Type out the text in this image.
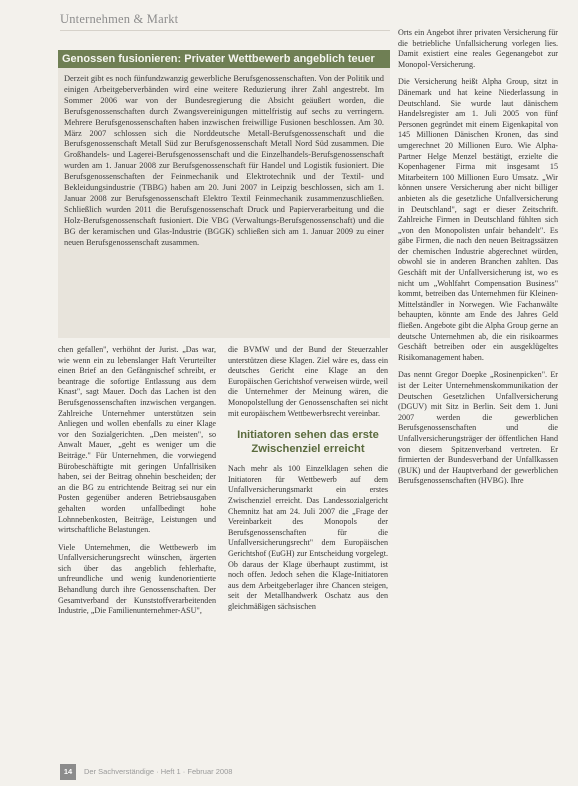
Unternehmen & Markt
Genossen fusionieren: Privater Wettbewerb angeblich teuer
Derzeit gibt es noch fünfundzwanzig gewerbliche Berufsgenossenschaften. Von der Politik und einigen Arbeitgeberverbänden wird eine weitere Reduzierung ihrer Zahl angestrebt. Im Sommer 2006 war von der Bundesregierung die Absicht geäußert worden, die Berufsgenossenschaften durch Zwangsvereinigungen mittelfristig auf sechs zu verringern. Mehrere Berufsgenossenschaften haben inzwischen freiwillige Fusionen beschlossen. Am 30. März 2007 schlossen sich die Norddeutsche Metall-Berufsgenossenschaft und die Berufsgenossenschaft Metall Süd zur Berufsgenossenschaft Metall Nord Süd zusammen. Die Großhandels- und Lagerei-Berufsgenossenschaft und die Einzelhandels-Berufsgenossenschaft wurden am 1. Januar 2008 zur Berufsgenossenschaft für Handel und Logistik fusioniert. Die Berufsgenossenschaften der Feinmechanik und Elektrotechnik und der Textil- und Bekleidungsindustrie (TBBG) haben am 20. Juni 2007 in Leipzig beschlossen, sich am 1. Januar 2008 zur Berufsgenossenschaft Elektro Textil Feinmechanik zusammenzuschließen. Schließlich wurden 2011 die Berufsgenossenschaft Druck und Papierverarbeitung und die Holz-Berufsgenossenschaft fusioniert. Die VBG (Verwaltungs-Berufsgenossenschaft) und die BG der keramischen und Glas-Industrie (BGGK) schließen sich am 1. Januar 2009 zu einer neuen Berufsgenossenschaft zusammen.

chen gefallen", verhöhnt der Jurist. „Das war, wie wenn ein zu lebenslanger Haft Verurteilter einen Brief an den Gefängnischef schreibt, er beantrage die sofortige Entlassung aus dem Knast", sagt Mauer. Doch das Lachen ist den Berufsgenossenschaften inzwischen vergangen. Zahlreiche Unternehmer unterstützen sein Anliegen und wollen ebenfalls zu einer Klage vor den Sozialgerichten. „Den meisten", so Anwalt Mauer, „geht es weniger um die Beiträge." Für Unternehmen, die vorwiegend Bürobeschäftigte mit geringen Unfallrisiken haben, sei der Beitrag ohnehin bescheiden; der an die BG zu entrichtende Beitrag sei nur ein Posten gegenüber anderen Betriebsausgaben gehalten worden unfallbedingt hohe Lohnnebenkosten, Beiträge, Leistungen und wirtschaftliche Belastungen.

Viele Unternehmen, die Wettbewerb im Unfallversicherungsrecht wünschen, ärgerten sich über das angeblich fehlerhafte, unfreundliche und wenig kundenorientierte Behandlung durch ihre Genossenschaften. Der Gesamtverband der Kunststoffverarbeitenden Industrie, „Die Familienunternehmer-ASU",

die BVMW und der Bund der Steuerzahler unterstützen diese Klagen. Ziel wäre es, dass ein deutsches Gericht eine Klage an den Europäischen Gerichtshof verweisen würde, weil die Unternehmer der Meinung wären, die Monopolstellung der Genossenschaften sei nicht mit europäischem Wettbewerbsrecht vereinbar.

Initiatoren sehen das erste Zwischenziel erreicht

Nach mehr als 100 Einzelklagen sehen die Initiatoren für Wettbewerb auf dem Unfallversicherungsmarkt ein erstes Zwischenziel erreicht. Das Landessozialgericht Chemnitz hat am 24. Juli 2007 die „Frage der Vereinbarkeit des Monopols der Berufsgenossenschaften für die Unfallversicherungsrecht" dem Europäischen Gerichtshof (EuGH) zur Entscheidung vorgelegt. Ob daraus der Klage überhaupt zustimmt, ist noch offen. Jedoch sehen die Klage-Initiatoren aus dem Arbeitgeberlager ihre Chancen steigen, seit der Metallhandwerk Oschatz aus den gleichmäßigen sächsischen

Orts ein Angebot ihrer privaten Versicherung für die betriebliche Unfallsicherung vorlegen lies. Damit existiert eine reales Gegenangebot zur Monopol-Versicherung.

Die Versicherung heißt Alpha Group, sitzt in Dänemark und hat keine Niederlassung in Deutschland. Sie wurde laut dänischem Handelsregister am 1. Juli 2005 von fünf Personen gegründet mit einem Eigenkapital von 145 Millionen Dänischen Kronen, das sind umgerechnet 20 Millionen Euro. Wie Alpha-Partner Helge Menzel bestätigt, erzielte die Kopenhagener Firma mit insgesamt 15 Mitarbeitern 100 Millionen Euro Umsatz. „Wir können unsere Versicherung aber nicht billiger anbieten als die gesetzliche Unfallversicherung in Deutschland", sagt er dieser Zeitschrift. Zahlreiche Firmen in Deutschland fühlten sich „von den Monopolisten unfair behandelt". Es gäbe Firmen, die nach den neuen Beitragssätzen der chemischen Industrie abgerechnet würden, obwohl sie in anderen Branchen zahlten. Das Geschäft mit der Unfallversicherung ist, wo es nicht um „Wohlfahrt Compensation Business" kommt, betreiben das Unternehmen für Kleinen-Mittelständler in Norwegen. Wie Fachanwälte behaupten, könnte am Ende des Jahres Geld fließen. Angebote gibt die Alpha Group gerne an deutsche Unternehmen ab, die ein risikoarmes Geschäft betreiben oder ein ausgeklügeltes Risikomanagement haben.

Das nennt Gregor Doepke „Rosinenpicken". Er ist der Leiter Unternehmenskommunikation der Deutschen Gesetzlichen Unfallversicherung (DGUV) mit Sitz in Berlin. Seit dem 1. Juni 2007 werden die gewerblichen Berufsgenossenschaften und die Unfallversicherungsträger der öffentlichen Hand von diesem Spitzenverband vertreten. Er firmierten der Bundesverband der Unfallkassen (BUK) und der Hauptverband der gewerblichen Berufsgenossenschaften (HVBG). Ihre

14	Der Sachverständige · Heft 1 · Februar 2008
